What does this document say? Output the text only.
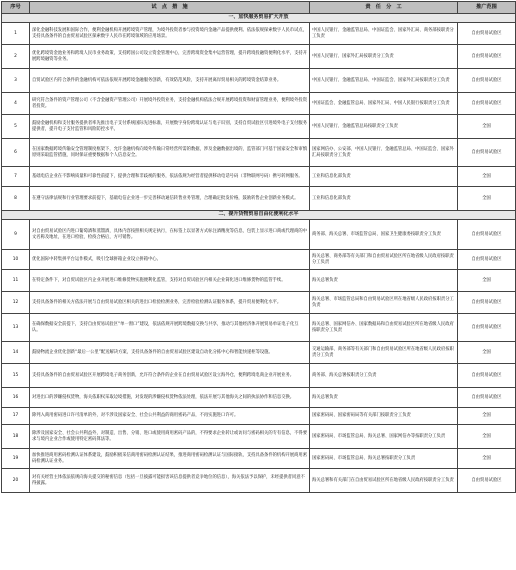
序号	试　点　措　施	责　任　分　工	推广范围
一、加快服务贸易扩大开放			
1	深化金融科技发展和国际合作，便利金融机构开展跨境资产管理，为境外投资者参与投资境内金融产品提供便利。依法依规探索数字人民币试点，支持具备条件的自由贸易试验区探索数字人民币在跨境领域的应用场景。	中国人民银行、金融监管总局、中国证监会、国家外汇局、商务部按职责分工负责	自由贸易试验区
2	优化跨境资金池业务和跨境人民币业务政策，支持跨国公司设立资金管理中心，完善跨境资金集中运营管理，提升跨境投融资便利化水平，支持开展跨境融资等业务。	中国人民银行、国家外汇局按职责分工负责	自由贸易试验区
3	自贸试验区内符合条件的金融机构可依法依规开展跨境金融服务创新，有效防范风险，支持开展离岸贸易相关的跨境资金结算业务。	中国人民银行、金融监管总局、中国证监会、国家外汇局按职责分工负责	自由贸易试验区
4	研究符合条件的资产管理公司（不含金融资产管理公司）开展境外投资业务，支持金融机构依法合规开展跨境投资和财富管理业务，便利境外投资者投资。	中国证监会、金融监管总局、国家外汇局、中国人民银行按职责分工负责	自由贸易试验区
5	鼓励金融机构和支付服务提供者率先推出电子支付系统国际先进标准，开展数字身份跨境认证与电子识别，支持自贸试验区引进境外电子支付服务提供者，提升电子支付监管和风险防控水平。	中国人民银行、金融监管总局按职责分工负责	全国
6	在国家数据跨境传输安全管理制度框架下，允许金融机构向境外传输日常经营所需的数据，涉及金融数据出境的，监管部门可基于国家安全和审慎原则采取监管措施，同时保证重要数据和个人信息安全。	国家网信办、公安部、中国人民银行、金融监管总局、中国证监会、国家外汇局按职责分工负责	自由贸易试验区
7	基础电信企业在不影响质量和可靠性前提下，提供合理和非歧视的服务，依法依规为经营者提供移动电话号码（非物联网号码）携号转网服务。	工业和信息化部负责	全国
8	在遵守法律法规和行业管理要求前提下，基础电信企业进一步完善移动通信转售业务管理，合理确定批发价格，鼓励转售企业创新业务模式。	工业和信息化部负责	全国
二、提升货物贸易自由化便利化水平			
9	对自由贸易试验区内进口葡萄酒和蒸馏酒，具体内容按照相关规定执行，在标签上以显著方式标注酒精度等信息，包装上显示进口商或代理商的中文名称及地址，在进口检验、检疫合格后，方可销售。	商务部、海关总署、市场监管总局、国家卫生健康委按职责分工负责	自由贸易试验区
10	优化国际中转集拼平台运作模式，吸引全球拼箱企业设立拼箱中心。	海关总署、商务部等有关部门和自由贸易试验区所在地省级人民政府按职责分工负责	自由贸易试验区
11	在特定条件下，对自贸试验区内企业开展进口维修货物实施便利化监管，支持对自贸试验区内相关企业简化进口维修货物的监管手续。	海关总署负责	全国
12	支持具备条件的相关方依法开展与自由贸易试验区相关的进出口检验检测业务，完善检验检测认证服务体系，提升贸易便利化水平。	海关总署、市场监管总局和自由贸易试验区所在地省级人民政府按职责分工负责	自由贸易试验区
13	在确保数据安全前提下，支持自由贸易试验区“单一窗口”建设，依法依规开展跨境数据交换与共享，推动与其他经济体开展贸易单证电子化互认。	海关总署、国家网信办、国家数据局和自由贸易试验区所在地省级人民政府按职责分工负责	自由贸易试验区
14	鼓励物流企业优化创新“最后一公里”配送解决方案，支持具备条件的自由贸易试验区建设自动化分拣中心和智能快递柜等设施。	交通运输部、商务部等有关部门和自由贸易试验区所在地省级人民政府按职责分工负责	全国
15	支持具备条件的自由贸易试验区开展跨境电子商务创新，允许符合条件的企业在自由贸易试验区设立海外仓，便利跨境电商企业开展业务。	商务部、海关总署按职责分工负责	自由贸易试验区
16	对进出口的涉嫌侵权货物，海关依职权采取边境措施，对发现的涉嫌侵权货物依法处理，依法开展与其他海关之间的执法协作和信息交换。	海关总署负责	自由贸易试验区
17	除列入商用密码进口许可清单的外，对不涉及国家安全、社会公共利益的商用密码产品，不再实施进口许可。	国家密码局、国家密码局等有关部门按职责分工负责	全国
18	除涉及国家安全、社会公共利益外，对制造、出售、分销、进口或使用商用密码产品的，不得要求企业转让或访问与密码相关的专有信息，不得要求与境内企业合作或使用特定密码算法等。	国家密码局、市场监管总局、海关总署、国家网信办等按职责分工负责	全国
19	加快推进商用密码检测认证体系建设，鼓励积极采信商用密码检测认证结果，推进商用密码检测认证与国际接轨，支持具备条件的机构开展商用密码检测认证业务。	国家密码局、市场监管总局、海关总署按职责分工负责	全国
20	对有关经营主体依法依规向海关提交的秘密信息（包括一旦披露可能损害该信息提供者竞争地位的信息），海关依法予以保护，未经提供者同意不得披露。	海关总署和有关部门在自由贸易试验区所在地省级人民政府按职责分工负责	自由贸易试验区
